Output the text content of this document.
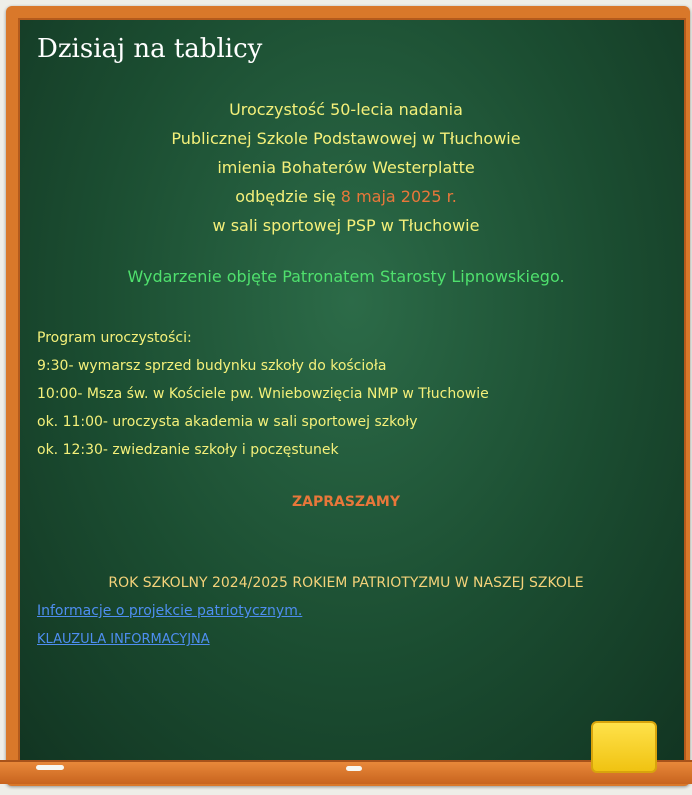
Dzisiaj na tablicy
Uroczystość 50-lecia nadania
Publicznej Szkole Podstawowej w Tłuchowie
imienia Bohaterów Westerplatte
odbędzie się 8 maja 2025 r.
w sali sportowej PSP w Tłuchowie
Wydarzenie objęte Patronatem Starosty Lipnowskiego.
Program uroczystości:
9:30- wymarsz sprzed budynku szkoły do kościoła
10:00- Msza św. w Kościele pw. Wniebowzięcia NMP w Tłuchowie
ok. 11:00- uroczysta akademia w sali sportowej szkoły
ok. 12:30- zwiedzanie szkoły i poczęstunek
ZAPRASZAMY
ROK SZKOLNY 2024/2025 ROKIEM PATRIOTYZMU W NASZEJ SZKOLE
Informacje o projekcie patriotycznym.
KLAUZULA INFORMACYJNA
